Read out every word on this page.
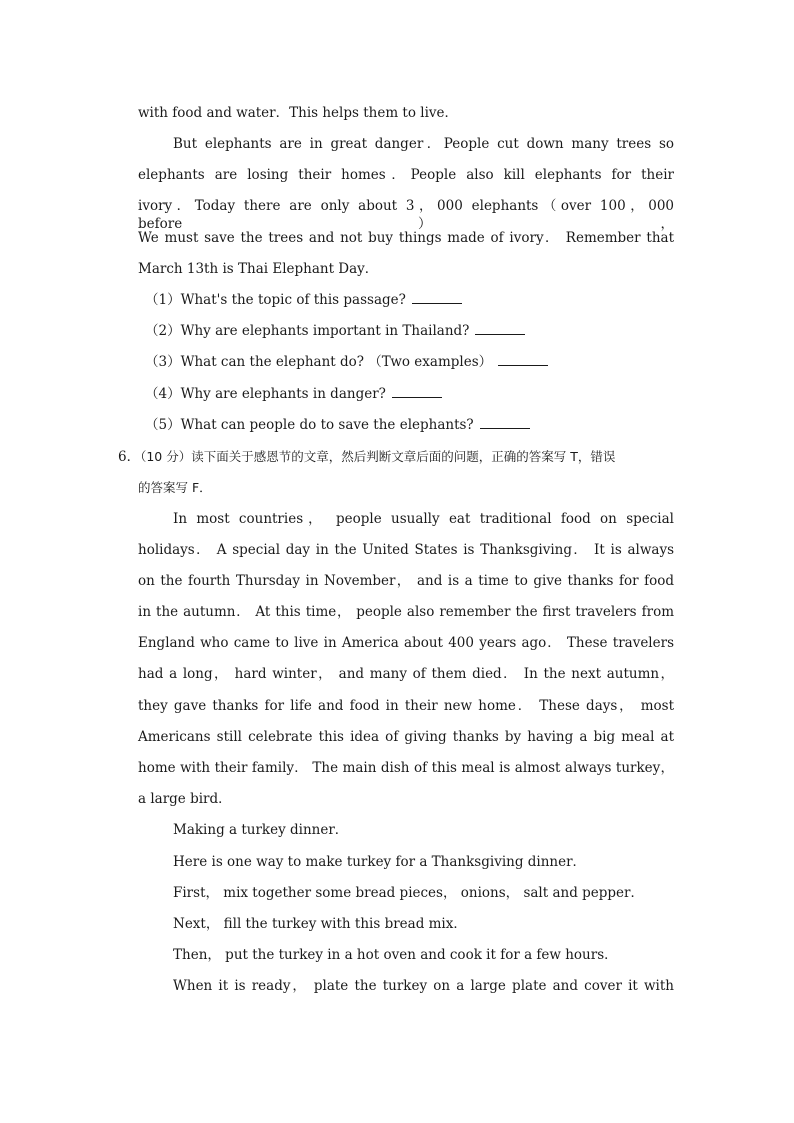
with food and water．This helps them to live．
But elephants are in great danger．People cut down many trees so
elephants are losing their homes．People also kill elephants for their
ivory．Today there are only about 3，000 elephants（over 100，000 before），
We must save the trees and not buy things made of ivory． Remember that
March 13th is Thai Elephant Day．
（1）What's the topic of this passage?
（2）Why are elephants important in Thailand?
（3）What can the elephant do? （Two examples）
（4）Why are elephants in danger?
（5）What can people do to save the elephants?
6．（10 分）读下面关于感恩节的文章，然后判断文章后面的问题，正确的答案写 T，错误
的答案写 F．
In most countries， people usually eat traditional food on special
holidays． A special day in the United States is Thanksgiving． It is always
on the fourth Thursday in November， and is a time to give thanks for food
in the autumn． At this time， people also remember the first travelers from
England who came to live in America about 400 years ago． These travelers
had a long， hard winter， and many of them died． In the next autumn，
they gave thanks for life and food in their new home． These days， most
Americans still celebrate this idea of giving thanks by having a big meal at
home with their family． The main dish of this meal is almost always turkey，
a large bird．
Making a turkey dinner．
Here is one way to make turkey for a Thanksgiving dinner．
First， mix together some bread pieces， onions， salt and pepper．
Next， fill the turkey with this bread mix．
Then， put the turkey in a hot oven and cook it for a few hours．
When it is ready， plate the turkey on a large plate and cover it with
